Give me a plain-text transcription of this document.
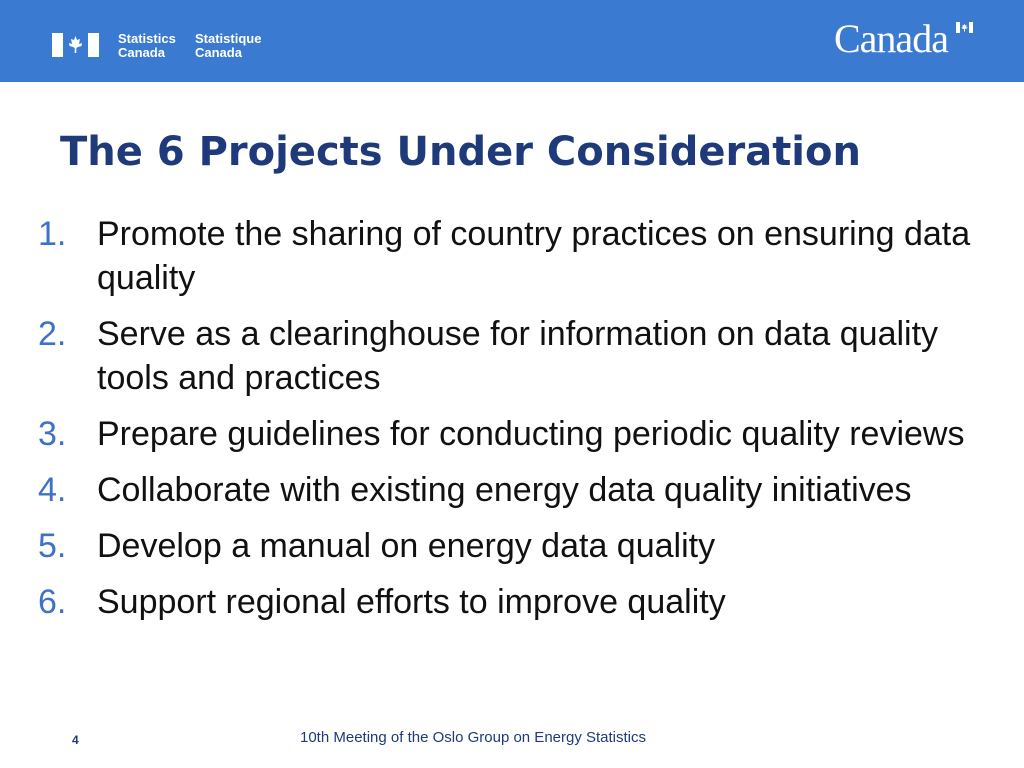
Statistics
Canada
Statistique
Canada	Canada
The 6 Projects Under Consideration
1. Promote the sharing of country practices on ensuring data quality
2. Serve as a clearinghouse for information on data quality tools and practices
3. Prepare guidelines for conducting periodic quality reviews
4. Collaborate with existing energy data quality initiatives
5. Develop a manual on energy data quality
6. Support regional efforts to improve quality
4	10th Meeting of the Oslo Group on Energy Statistics
